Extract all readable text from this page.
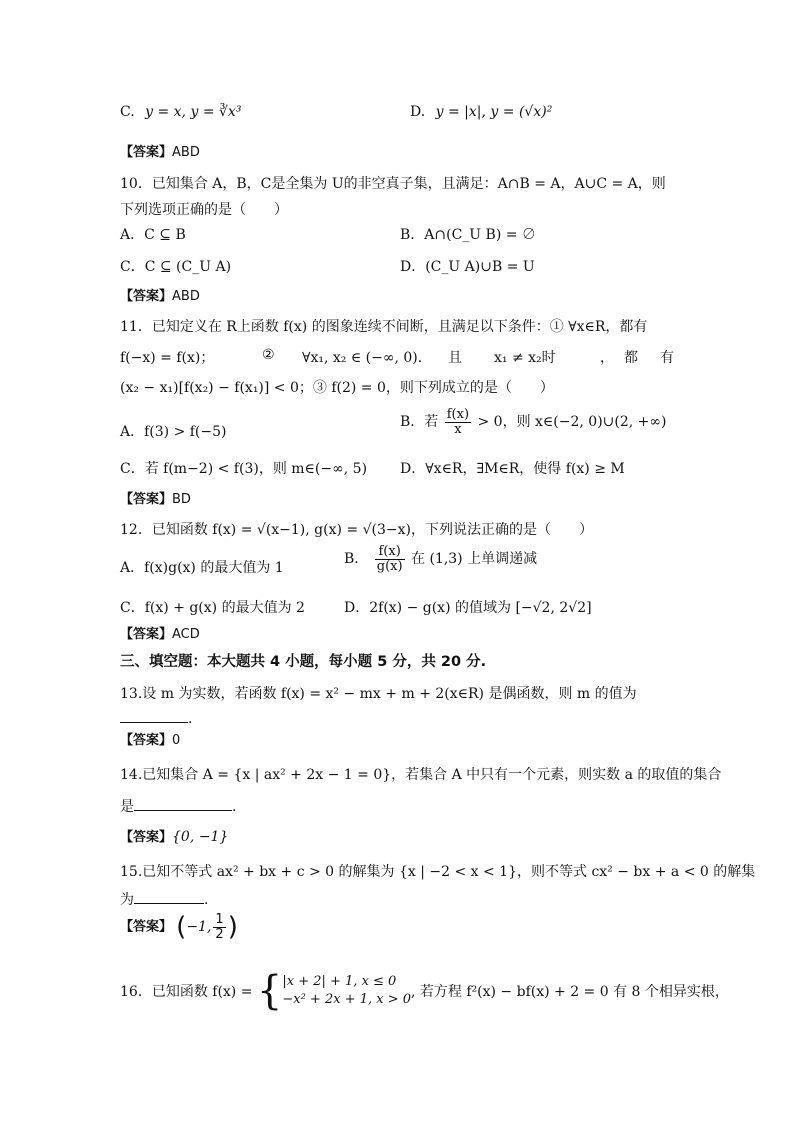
C. y = x, y = ∛x³	D. y = |x|, y = (√x)²
【答案】ABD
10．已知集合 A，B，C是全集为 U的非空真子集，且满足：A∩B = A，A∪C = A，则
下列选项正确的是（　　）
A．C ⊆ B	B．A∩(C_U B) = ∅
C．C ⊆ (C_U A)	D．(C_U A)∪B = U
【答案】ABD
11．已知定义在 R上函数 f(x) 的图象连续不间断，且满足以下条件：① ∀x∈R，都有
f(−x) = f(x)；	② ∀x₁, x₂ ∈ (−∞, 0)． 且 x₁ ≠ x₂时	， 都 有
(x₂ − x₁)[f(x₂) − f(x₁)] < 0；③ f(2) = 0，则下列成立的是（　　）
A．f(3) > f(−5)
B．若 $\frac{f(x)}{x} > 0$，则 x∈(−2, 0)∪(2, +∞)
C．若 f(m−2) < f(3)，则 m∈(−∞, 5) D．∀x∈R，∃M∈R，使得 f(x) ≥ M
【答案】BD
12．已知函数 f(x) = √(x−1), g(x) = √(3−x)，下列说法正确的是（　　）
A．f(x)g(x) 的最大值为 1
B． $\frac{f(x)}{g(x)}$ 在 (1,3) 上单调递减
C．f(x) + g(x) 的最大值为 2	D．2f(x) − g(x) 的值域为 [−√2, 2√2]
【答案】ACD
三、填空题：本大题共 4 小题，每小题 5 分，共 20 分.
13.设 m 为实数，若函数 f(x) = x² − mx + m + 2(x∈R) 是偶函数，则 m 的值为
.
【答案】0
14.已知集合 A = {x | ax² + 2x − 1 = 0}，若集合 A 中只有一个元素，则实数 a 的取值的集合
是	.
【答案】{0, −1}
15.已知不等式 ax² + bx + c > 0 的解集为 {x | −2 < x < 1}，则不等式 cx² − bx + a < 0 的解集
为	.
【答案】 (−1, $\frac{1}{2}$ )
16．已知函数 f(x) = { |x + 2| + 1, x ≤ 0
−x² + 2x + 1, x > 0 , 若方程 f²(x) − bf(x) + 2 = 0 有 8 个相异实根，
